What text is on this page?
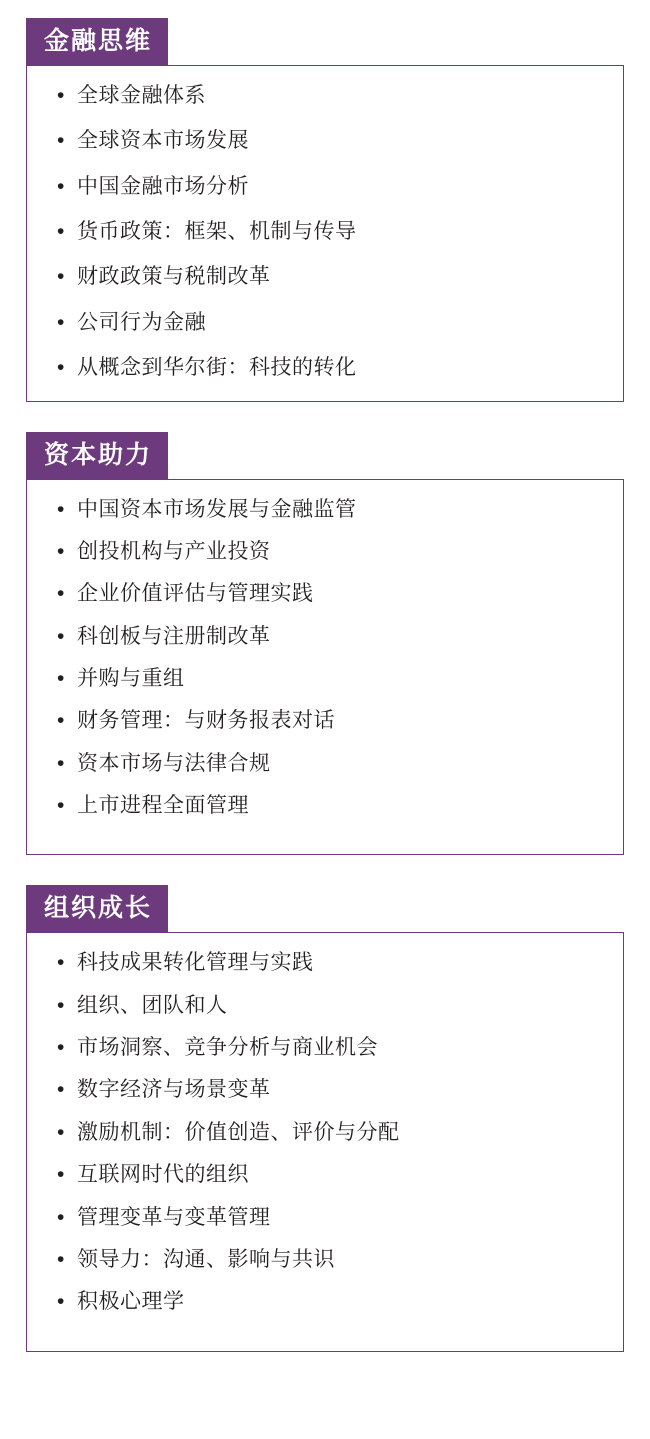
金融思维
• 全球金融体系
• 全球资本市场发展
• 中国金融市场分析
• 货币政策：框架、机制与传导
• 财政政策与税制改革
• 公司行为金融
• 从概念到华尔街：科技的转化
资本助力
• 中国资本市场发展与金融监管
• 创投机构与产业投资
• 企业价值评估与管理实践
• 科创板与注册制改革
• 并购与重组
• 财务管理：与财务报表对话
• 资本市场与法律合规
• 上市进程全面管理
组织成长
• 科技成果转化管理与实践
• 组织、团队和人
• 市场洞察、竞争分析与商业机会
• 数字经济与场景变革
• 激励机制：价值创造、评价与分配
• 互联网时代的组织
• 管理变革与变革管理
• 领导力：沟通、影响与共识
• 积极心理学
